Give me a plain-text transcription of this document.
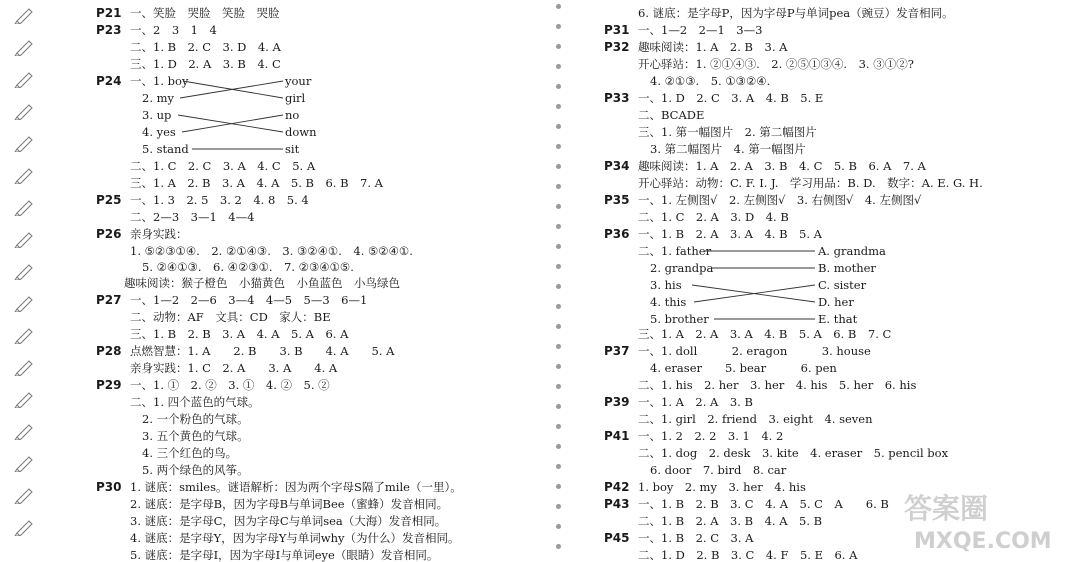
P21 一、笑脸　哭脸　笑脸　哭脸
P23 一、2　3　1　4
二、1. B　2. C　3. D　4. A
三、1. D　2. A　3. B　4. C
P24 一、1. boy
2. my
3. up
4. yes
5. stand
二、1. C　2. C　3. A　4. C　5. A
三、1. A　2. B　3. A　4. A　5. B　6. B　7. A
P25 一、1. 3　2. 5　3. 2　4. 8　5. 4
二、2—3　3—1　4—4
P26 亲身实践：
1. ⑤②③①④.　2. ②①④③.　3. ③②④①.　4. ⑤②④①.
5. ②④①③.　6. ④②③①.　7. ②③④①⑤.
趣味阅读：猴子橙色　小猫黄色　小鱼蓝色　小鸟绿色
P27 一、1—2　2—6　3—4　4—5　5—3　6—1
二、动物：AF　文具：CD　家人：BE
三、1. B　2. B　3. A　4. A　5. A　6. A
P28 点燃智慧：1. A　　2. B　　3. B　　4. A　　5. A
亲身实践：1. C　2. A　　3. A　　4. A
P29 一、1. ①　2. ②　3. ①　4. ②　5. ②
二、1. 四个蓝色的气球。
2. 一个粉色的气球。
3. 五个黄色的气球。
4. 三个红色的鸟。
5. 两个绿色的风筝。
P30 1. 谜底：smiles。谜语解析：因为两个字母S隔了mile（一里）。
2. 谜底：是字母B，因为字母B与单词Bee（蜜蜂）发音相同。
3. 谜底：是字母C，因为字母C与单词sea（大海）发音相同。
4. 谜底：是字母Y，因为字母Y与单词why（为什么）发音相同。
5. 谜底：是字母I，因为字母I与单词eye（眼睛）发音相同。
6. 谜底：是字母P，因为字母P与单词pea（豌豆）发音相同。
P31 一、1—2　2—1　3—3
P32 趣味阅读：1. A　2. B　3. A
开心驿站：1. ②①④③.　2. ②⑤①③④.　3. ③①②?
4. ②①③.　5. ①③②④.
P33 一、1. D　2. C　3. A　4. B　5. E
二、BCADE
三、1. 第一幅图片　2. 第二幅图片
3. 第二幅图片　4. 第一幅图片
P34 趣味阅读：1. A　2. A　3. B　4. C　5. B　6. A　7. A
开心驿站：动物：C. F. I. J.　学习用品：B. D.　数字：A. E. G. H.
P35 一、1. 左侧图√　2. 左侧图√　3. 右侧图√　4. 左侧图√
二、1. C　2. A　3. D　4. B
P36 一、1. B　2. A　3. A　4. B　5. A
二、1. father
2. grandpa
3. his
4. this
5. brother
三、1. A　2. A　3. A　4. B　5. A　6. B　7. C
P37 一、1. doll　　　2. eragon　　　3. house
4. eraser　　5. bear　　　6. pen
二、1. his　2. her　3. her　4. his　5. her　6. his
P39 一、1. A　2. A　3. B
二、1. girl　2. friend　3. eight　4. seven
P41 一、1. 2　2. 2　3. 1　4. 2
二、1. dog　2. desk　3. kite　4. eraser　5. pencil box
6. door　7. bird　8. car
P42 1. boy　2. my　3. her　4. his
P43 一、1. B　2. B　3. C　4. A　5. C　A　　6. B
二、1. B　2. A　3. B　4. A　5. B
P45 一、1. B　2. C　3. A
二、1. D　2. B　3. C　4. F　5. E　6. A
your
girl
no
down
sit
A. grandma
B. mother
C. sister
D. her
E. that
答案圈
MXQE.COM
